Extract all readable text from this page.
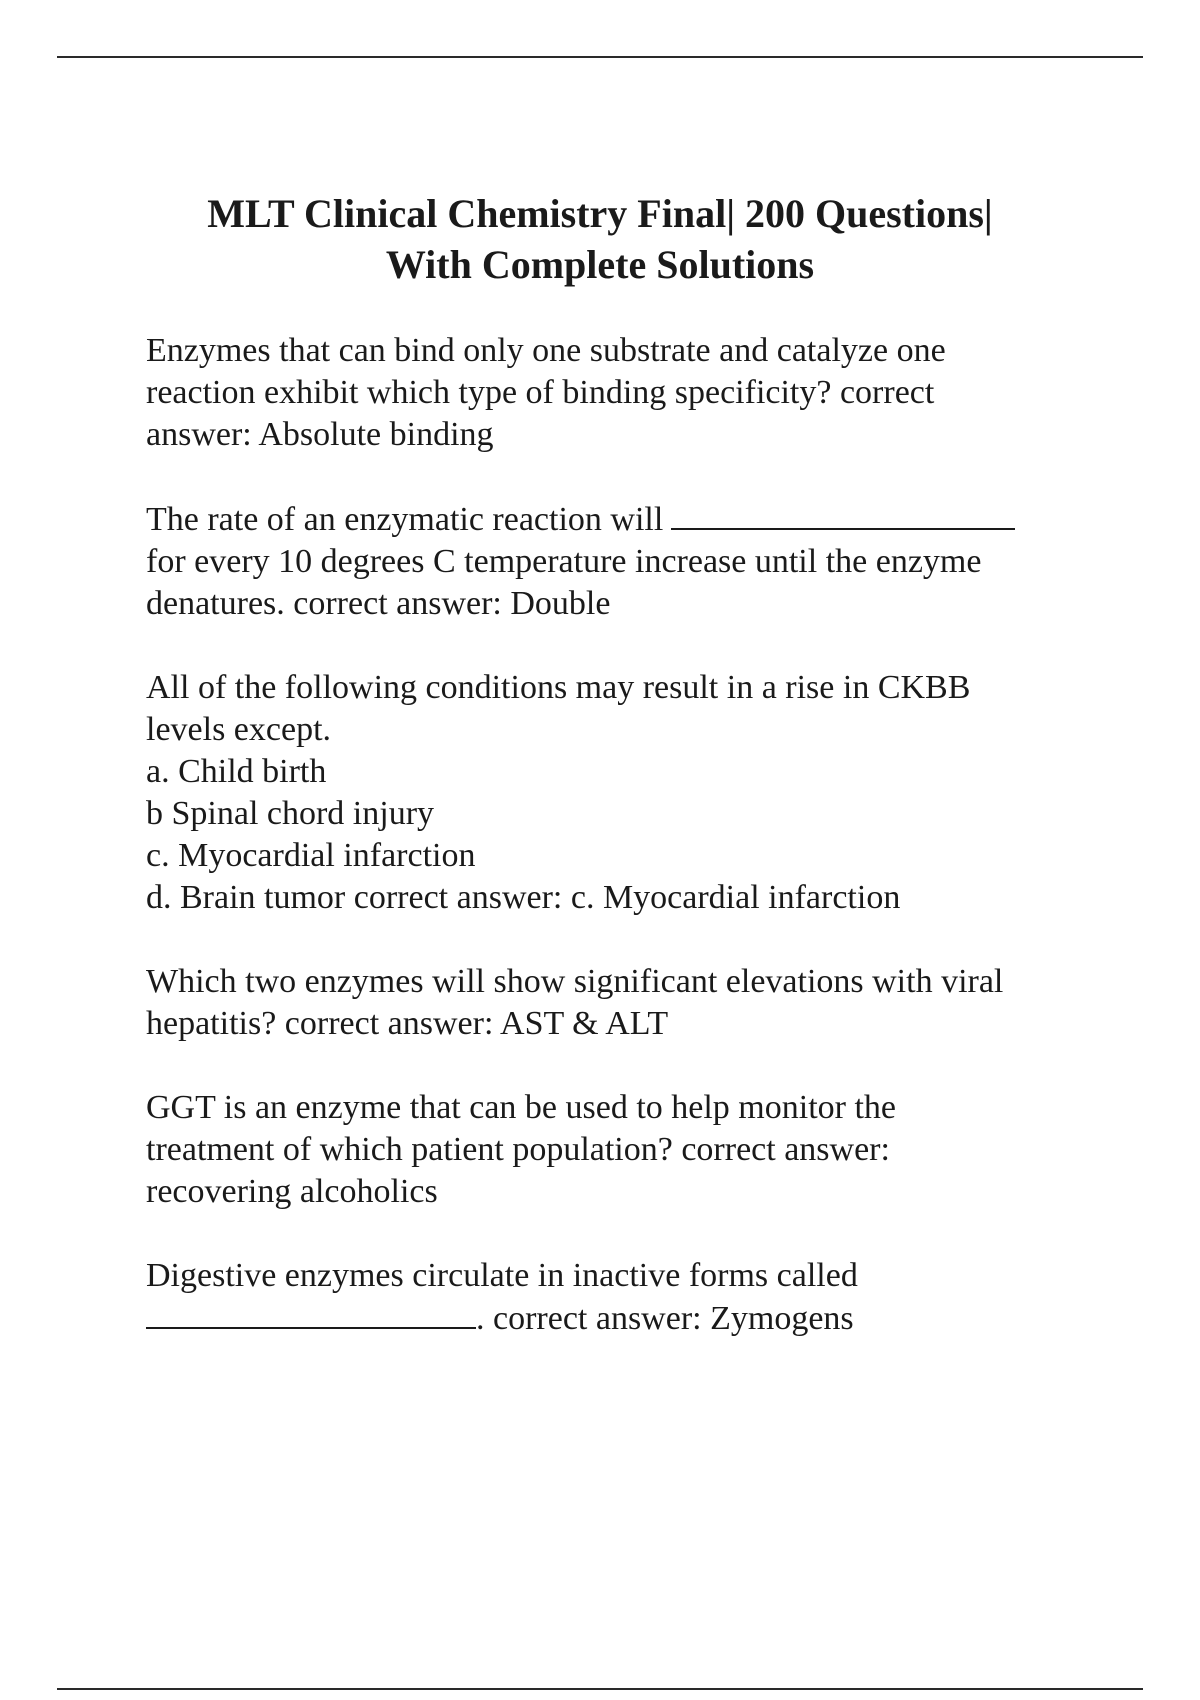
MLT Clinical Chemistry Final| 200 Questions|
With Complete Solutions
Enzymes that can bind only one substrate and catalyze one
reaction exhibit which type of binding specificity? correct
answer: Absolute binding
The rate of an enzymatic reaction will
for every 10 degrees C temperature increase until the enzyme
denatures. correct answer: Double
All of the following conditions may result in a rise in CKBB
levels except.
a. Child birth
b Spinal chord injury
c. Myocardial infarction
d. Brain tumor correct answer: c. Myocardial infarction
Which two enzymes will show significant elevations with viral
hepatitis? correct answer: AST & ALT
GGT is an enzyme that can be used to help monitor the
treatment of which patient population? correct answer:
recovering alcoholics
Digestive enzymes circulate in inactive forms called
. correct answer: Zymogens
